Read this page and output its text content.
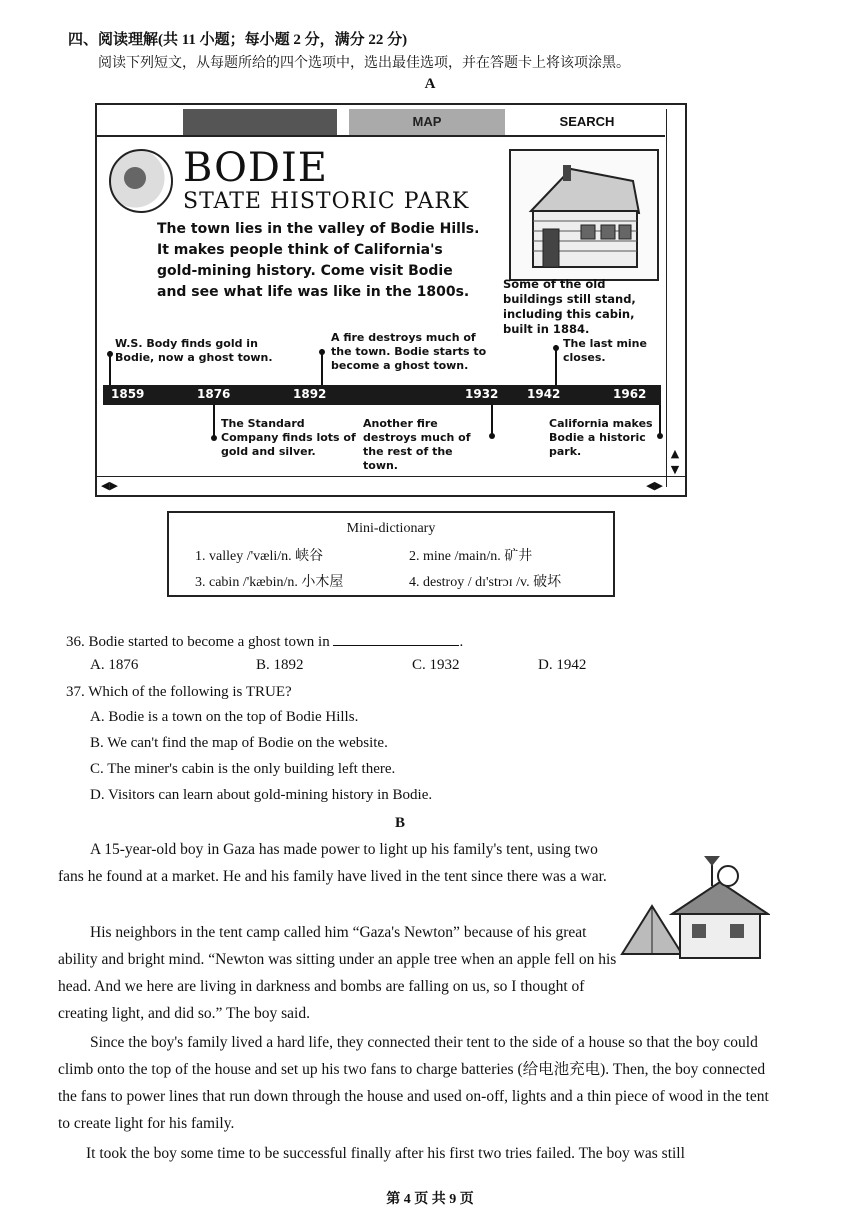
四、阅读理解(共 11 小题；每小题 2 分，满分 22 分)
阅读下列短文，从每题所给的四个选项中，选出最佳选项，并在答题卡上将该项涂黑。
A
MAP	SEARCH
BODIE
STATE HISTORIC PARK
The town lies in the valley of Bodie Hills. It makes people think of California's gold-mining history. Come visit Bodie and see what life was like in the 1800s.	Some of the old buildings still stand, including this cabin, built in 1884.
W.S. Body finds gold in Bodie, now a ghost town.
A fire destroys much of the town. Bodie starts to become a ghost town.
The last mine closes.
1859	1876	1892	1932 1942	1962
The Standard Company finds lots of gold and silver.
Another fire destroys much of the rest of the town.
California makes Bodie a historic park.	▲
▼
◀▶	◀▶
Mini-dictionary
1. valley /'væli/n. 峡谷	2. mine /main/n. 矿井
3. cabin /'kæbin/n. 小木屋	4. destroy / dɪ'strɔɪ /v. 破坏
36. Bodie started to become a ghost town in	.
A. 1876	B. 1892	C. 1932	D. 1942
37. Which of the following is TRUE?
A. Bodie is a town on the top of Bodie Hills.
B. We can't find the map of Bodie on the website.
C. The miner's cabin is the only building left there.
D. Visitors can learn about gold-mining history in Bodie.
B
A 15-year-old boy in Gaza has made power to light up his family's tent, using two fans he found at a market. He and his family have lived in the tent since there was a war.
His neighbors in the tent camp called him “Gaza's Newton” because of his great ability and bright mind. “Newton was sitting under an apple tree when an apple fell on his head. And we here are living in darkness and bombs are falling on us, so I thought of creating light, and did so.” The boy said.
Since the boy's family lived a hard life, they connected their tent to the side of a house so that the boy could climb onto the top of the house and set up his two fans to charge batteries (给电池充电). Then, the boy connected the fans to power lines that run down through the house and used on-off, lights and a thin piece of wood in the tent to create light for his family.
It took the boy some time to be successful finally after his first two tries failed. The boy was still
第 4 页 共 9 页
